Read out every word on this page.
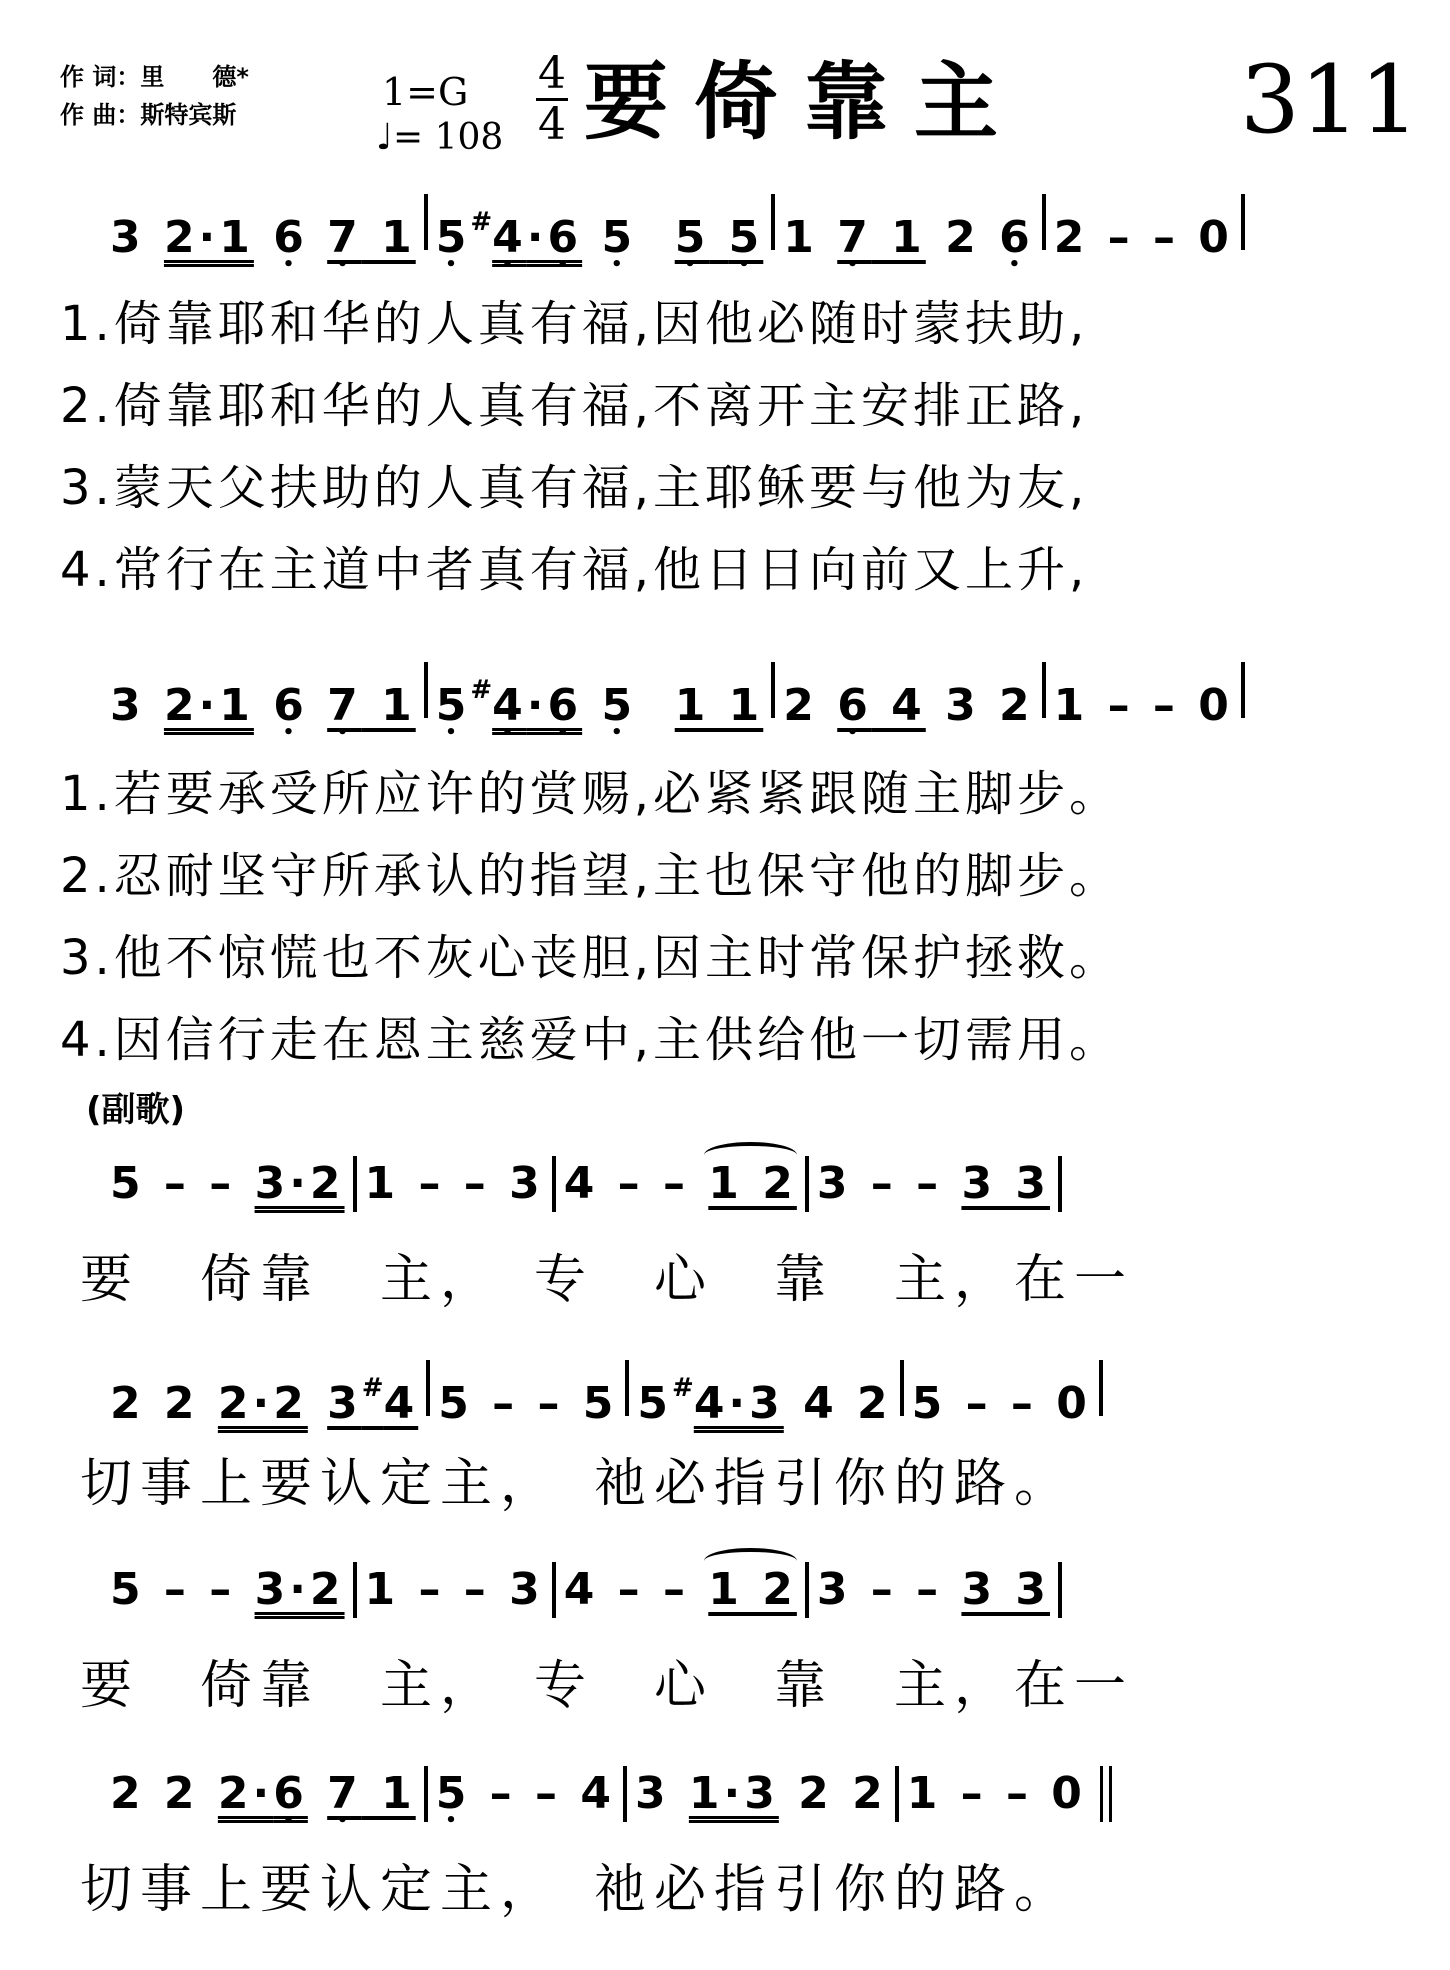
作 词：里　　德*
作 曲：斯特宾斯
1=G
♩= 108
4
4 要倚靠主 311
3 2·1 6 • 7 • 1 5 •#4 •·6 • 5 • 5 • 5 • 1 7 • 1 2 6 • 2 – – 0
1.倚靠耶和华的人真有福,因他必随时蒙扶助,
2.倚靠耶和华的人真有福,不离开主安排正路,
3.蒙天父扶助的人真有福,主耶稣要与他为友,
4.常行在主道中者真有福,他日日向前又上升,
3 2·1 6 • 7 • 1 5 •#4 •·6 • 5 • 1 1 2 6 • 4 3 2 1 – – 0
1.若要承受所应许的赏赐,必紧紧跟随主脚步。
2.忍耐坚守所承认的指望,主也保守他的脚步。
3.他不惊慌也不灰心丧胆,因主时常保护拯救。
4.因信行走在恩主慈爱中,主供给他一切需用。
(副歌)
5 – – 3·2 1 – – 3 4 – – 1 2 3 – – 3 3
要　倚靠　主，　专　心　靠　主，在一
2 2 2·2 3#4 5 – – 5 5#4·3 4 2 5 – – 0
切事上要认定主，　祂必指引你的路。
5 – – 3·2 1 – – 3 4 – – 1 2 3 – – 3 3
要　倚靠　主，　专　心　靠　主，在一
2 2 2·6 • 7 • 1 5 • – – 4 3 1·3 2 2 1 – – 0
切事上要认定主，　祂必指引你的路。
